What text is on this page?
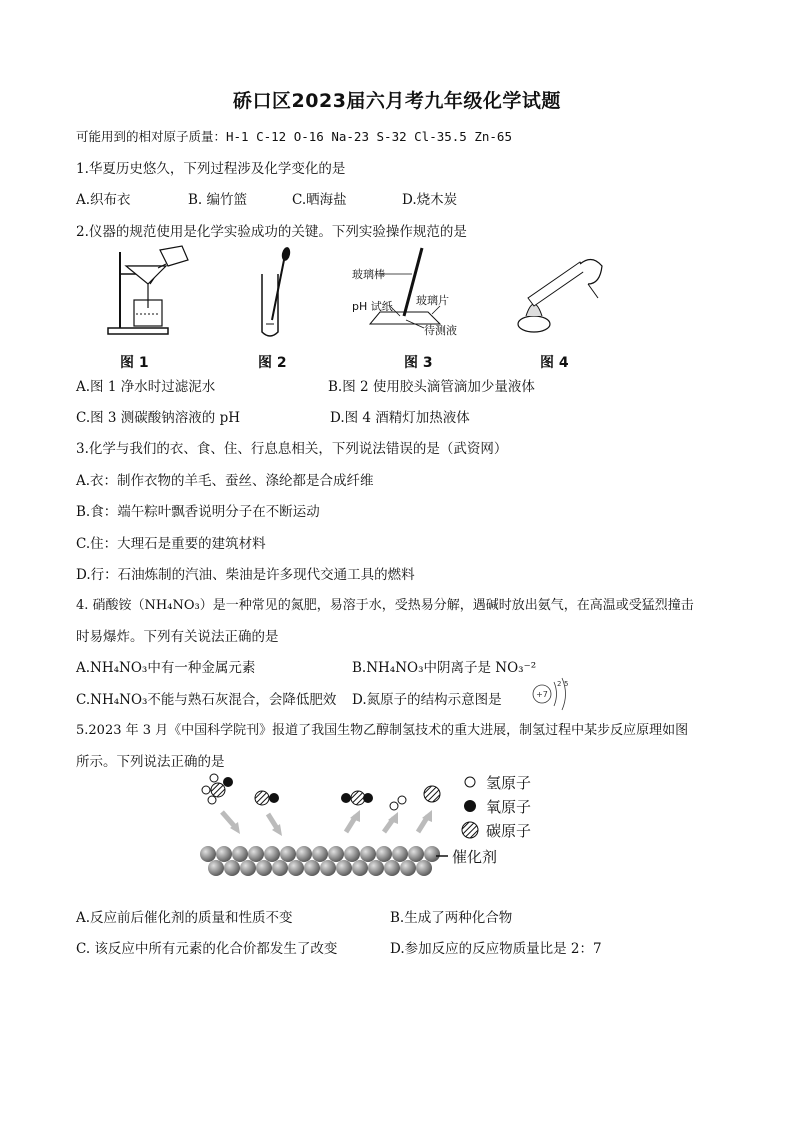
硚口区2023届六月考九年级化学试题
可能用到的相对原子质量：H-1 C-12 O-16 Na-23 S-32 Cl-35.5 Zn-65
1.华夏历史悠久，下列过程涉及化学变化的是
A.织布衣	B. 编竹篮	C.晒海盐	D.烧木炭
2.仪器的规范使用是化学实验成功的关键。下列实验操作规范的是
图 1	图 2
玻璃棒
pH 试纸 玻璃片
待测液
图 3	图 4
A.图 1 净水时过滤泥水	B.图 2 使用胶头滴管滴加少量液体
C.图 3 测碳酸钠溶液的 pH	D.图 4 酒精灯加热液体
3.化学与我们的衣、食、住、行息息相关，下列说法错误的是（武资网）
A.衣：制作衣物的羊毛、蚕丝、涤纶都是合成纤维
B.食：端午粽叶飘香说明分子在不断运动
C.住：大理石是重要的建筑材料
D.行：石油炼制的汽油、柴油是许多现代交通工具的燃料
4. 硝酸铵（NH₄NO₃）是一种常见的氮肥，易溶于水，受热易分解，遇碱时放出氨气，在高温或受猛烈撞击
时易爆炸。下列有关说法正确的是
A.NH₄NO₃中有一种金属元素	B.NH₄NO₃中阴离子是 NO₃⁻²
C.NH₄NO₃不能与熟石灰混合，会降低肥效 D.氮原子的结构示意图是	+7
2 5
5.2023 年 3 月《中国科学院刊》报道了我国生物乙醇制氢技术的重大进展，制氢过程中某步反应原理如图
所示。下列说法正确的是
催化剂
氢原子
氧原子
碳原子
A.反应前后催化剂的质量和性质不变	B.生成了两种化合物
C. 该反应中所有元素的化合价都发生了改变	D.参加反应的反应物质量比是 2：7
